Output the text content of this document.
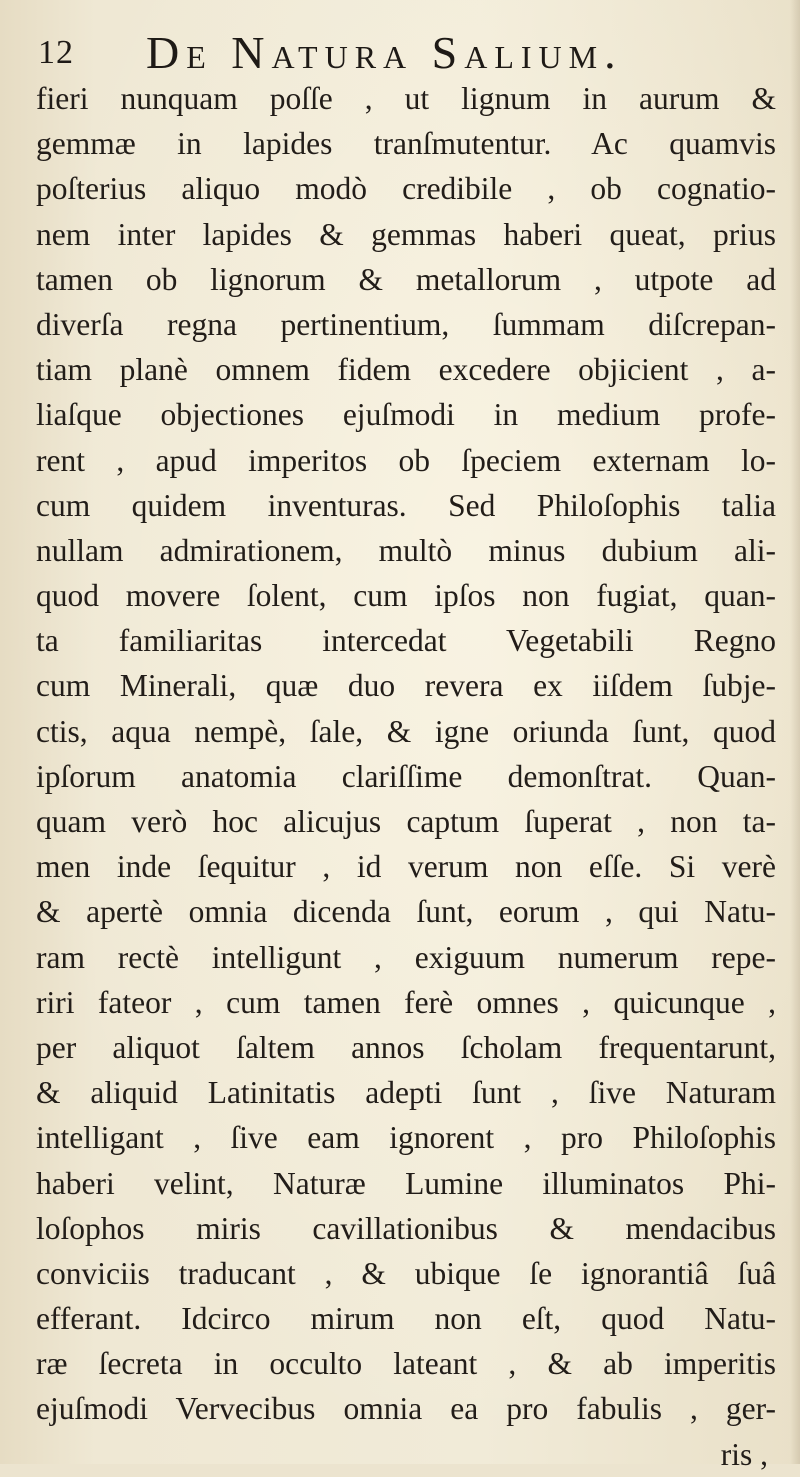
12 De Natura Salium.
fieri nunquam poſſe , ut lignum in aurum &
gemmæ in lapides tranſmutentur. Ac quamvis
poſterius aliquo modò credibile , ob cognatio-
nem inter lapides & gemmas haberi queat, prius
tamen ob lignorum & metallorum , utpote ad
diverſa regna pertinentium, ſummam diſcrepan-
tiam planè omnem fidem excedere objicient , a-
liaſque objectiones ejuſmodi in medium profe-
rent , apud imperitos ob ſpeciem externam lo-
cum quidem inventuras. Sed Philoſophis talia
nullam admirationem, multò minus dubium ali-
quod movere ſolent, cum ipſos non fugiat, quan-
ta familiaritas intercedat Vegetabili Regno
cum Minerali, quæ duo revera ex iiſdem ſubje-
ctis, aqua nempè, ſale, & igne oriunda ſunt, quod
ipſorum anatomia clariſſime demonſtrat. Quan-
quam verò hoc alicujus captum ſuperat , non ta-
men inde ſequitur , id verum non eſſe. Si verè
& apertè omnia dicenda ſunt, eorum , qui Natu-
ram rectè intelligunt , exiguum numerum repe-
riri fateor , cum tamen ferè omnes , quicunque ,
per aliquot ſaltem annos ſcholam frequentarunt,
& aliquid Latinitatis adepti ſunt , ſive Naturam
intelligant , ſive eam ignorent , pro Philoſophis
haberi velint, Naturæ Lumine illuminatos Phi-
loſophos miris cavillationibus & mendacibus
conviciis traducant , & ubique ſe ignorantiâ ſuâ
efferant. Idcirco mirum non eſt, quod Natu-
ræ ſecreta in occulto lateant , & ab imperitis
ejuſmodi Vervecibus omnia ea pro fabulis , ger-
ris ,
